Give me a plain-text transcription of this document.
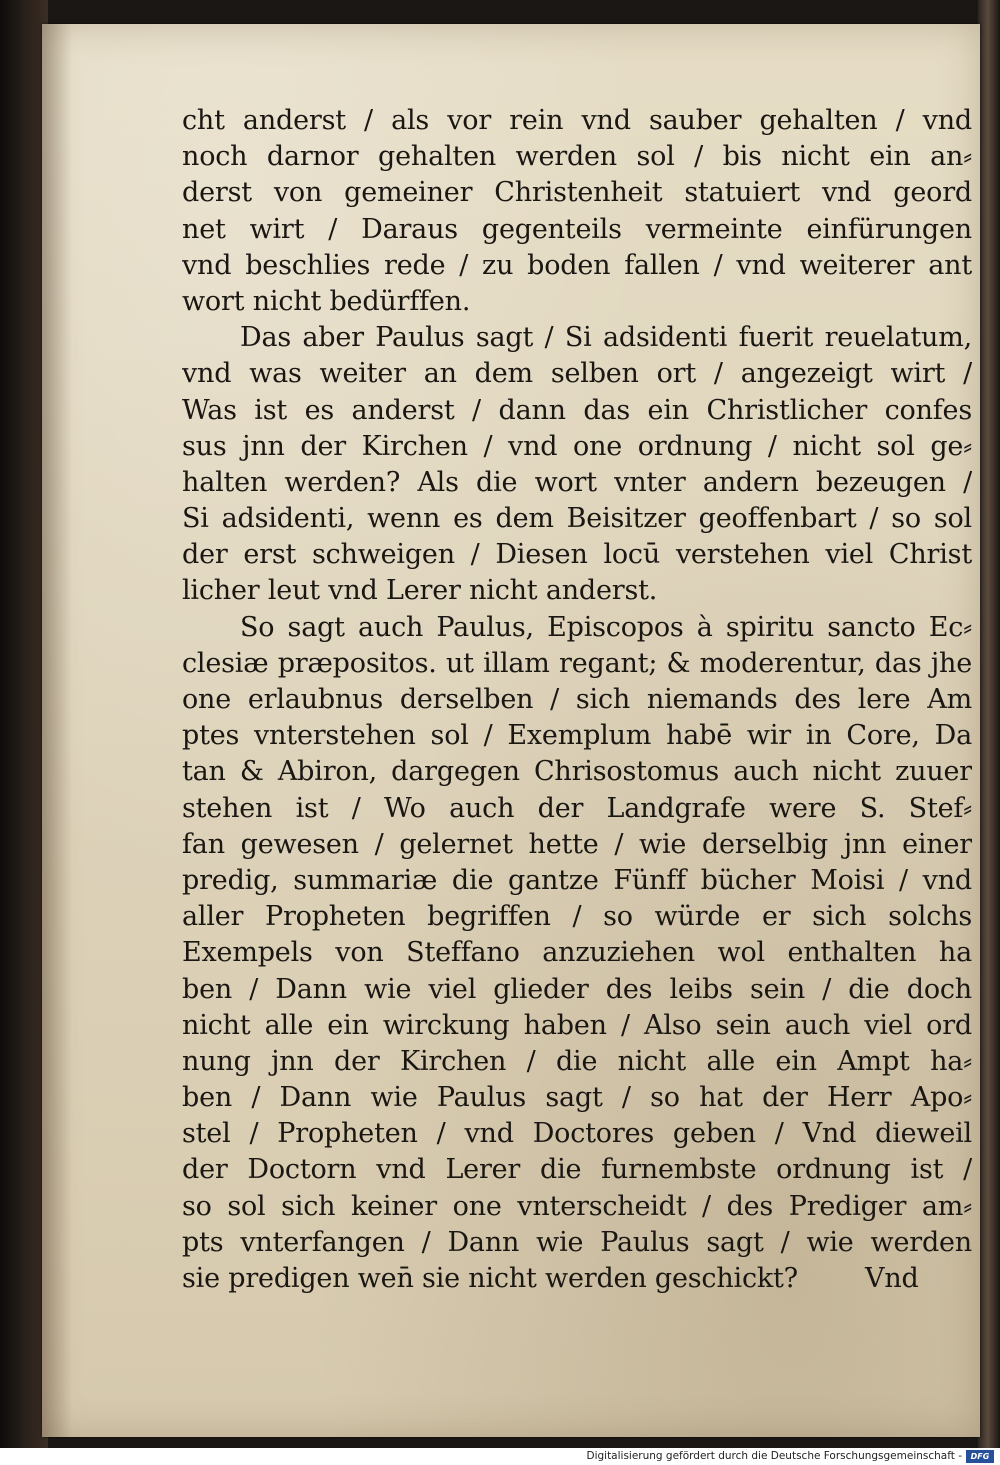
cht anderst / als vor rein vnd sauber gehalten / vnd
noch darnor gehalten werden sol / bis nicht ein an⸗
derst von gemeiner Christenheit statuiert vnd geord
net wirt / Daraus gegenteils vermeinte einfürungen
vnd beschlies rede / zu boden fallen / vnd weiterer ant
wort nicht bedürffen.
Das aber Paulus sagt / Si adsidenti fuerit reuelatum,
vnd was weiter an dem selben ort / angezeigt wirt /
Was ist es anderst / dann das ein Christlicher confes
sus jnn der Kirchen / vnd one ordnung / nicht sol ge⸗
halten werden? Als die wort vnter andern bezeugen /
Si adsidenti, wenn es dem Beisitzer geoffenbart / so sol
der erst schweigen / Diesen locū verstehen viel Christ
licher leut vnd Lerer nicht anderst.
So sagt auch Paulus, Episcopos à spiritu sancto Ec⸗
clesiæ præpositos. ut illam regant; & moderentur, das jhe
one erlaubnus derselben / sich niemands des lere Am
ptes vnterstehen sol / Exemplum habē wir in Core, Da
tan & Abiron, dargegen Chrisostomus auch nicht zuuer
stehen ist / Wo auch der Landgrafe were S. Stef⸗
fan gewesen / gelernet hette / wie derselbig jnn einer
predig, summariæ die gantze Fünff bücher Moisi / vnd
aller Propheten begriffen / so würde er sich solchs
Exempels von Steffano anzuziehen wol enthalten ha
ben / Dann wie viel glieder des leibs sein / die doch
nicht alle ein wirckung haben / Also sein auch viel ord
nung jnn der Kirchen / die nicht alle ein Ampt ha⸗
ben / Dann wie Paulus sagt / so hat der Herr Apo⸗
stel / Propheten / vnd Doctores geben / Vnd dieweil
der Doctorn vnd Lerer die furnembste ordnung ist /
so sol sich keiner one vnterscheidt / des Prediger am⸗
pts vnterfangen / Dann wie Paulus sagt / wie werden
sie predigen wen̄ sie nicht werden geschickt?        Vnd
Digitalisierung gefördert durch die Deutsche Forschungsgemeinschaft -	DFG
